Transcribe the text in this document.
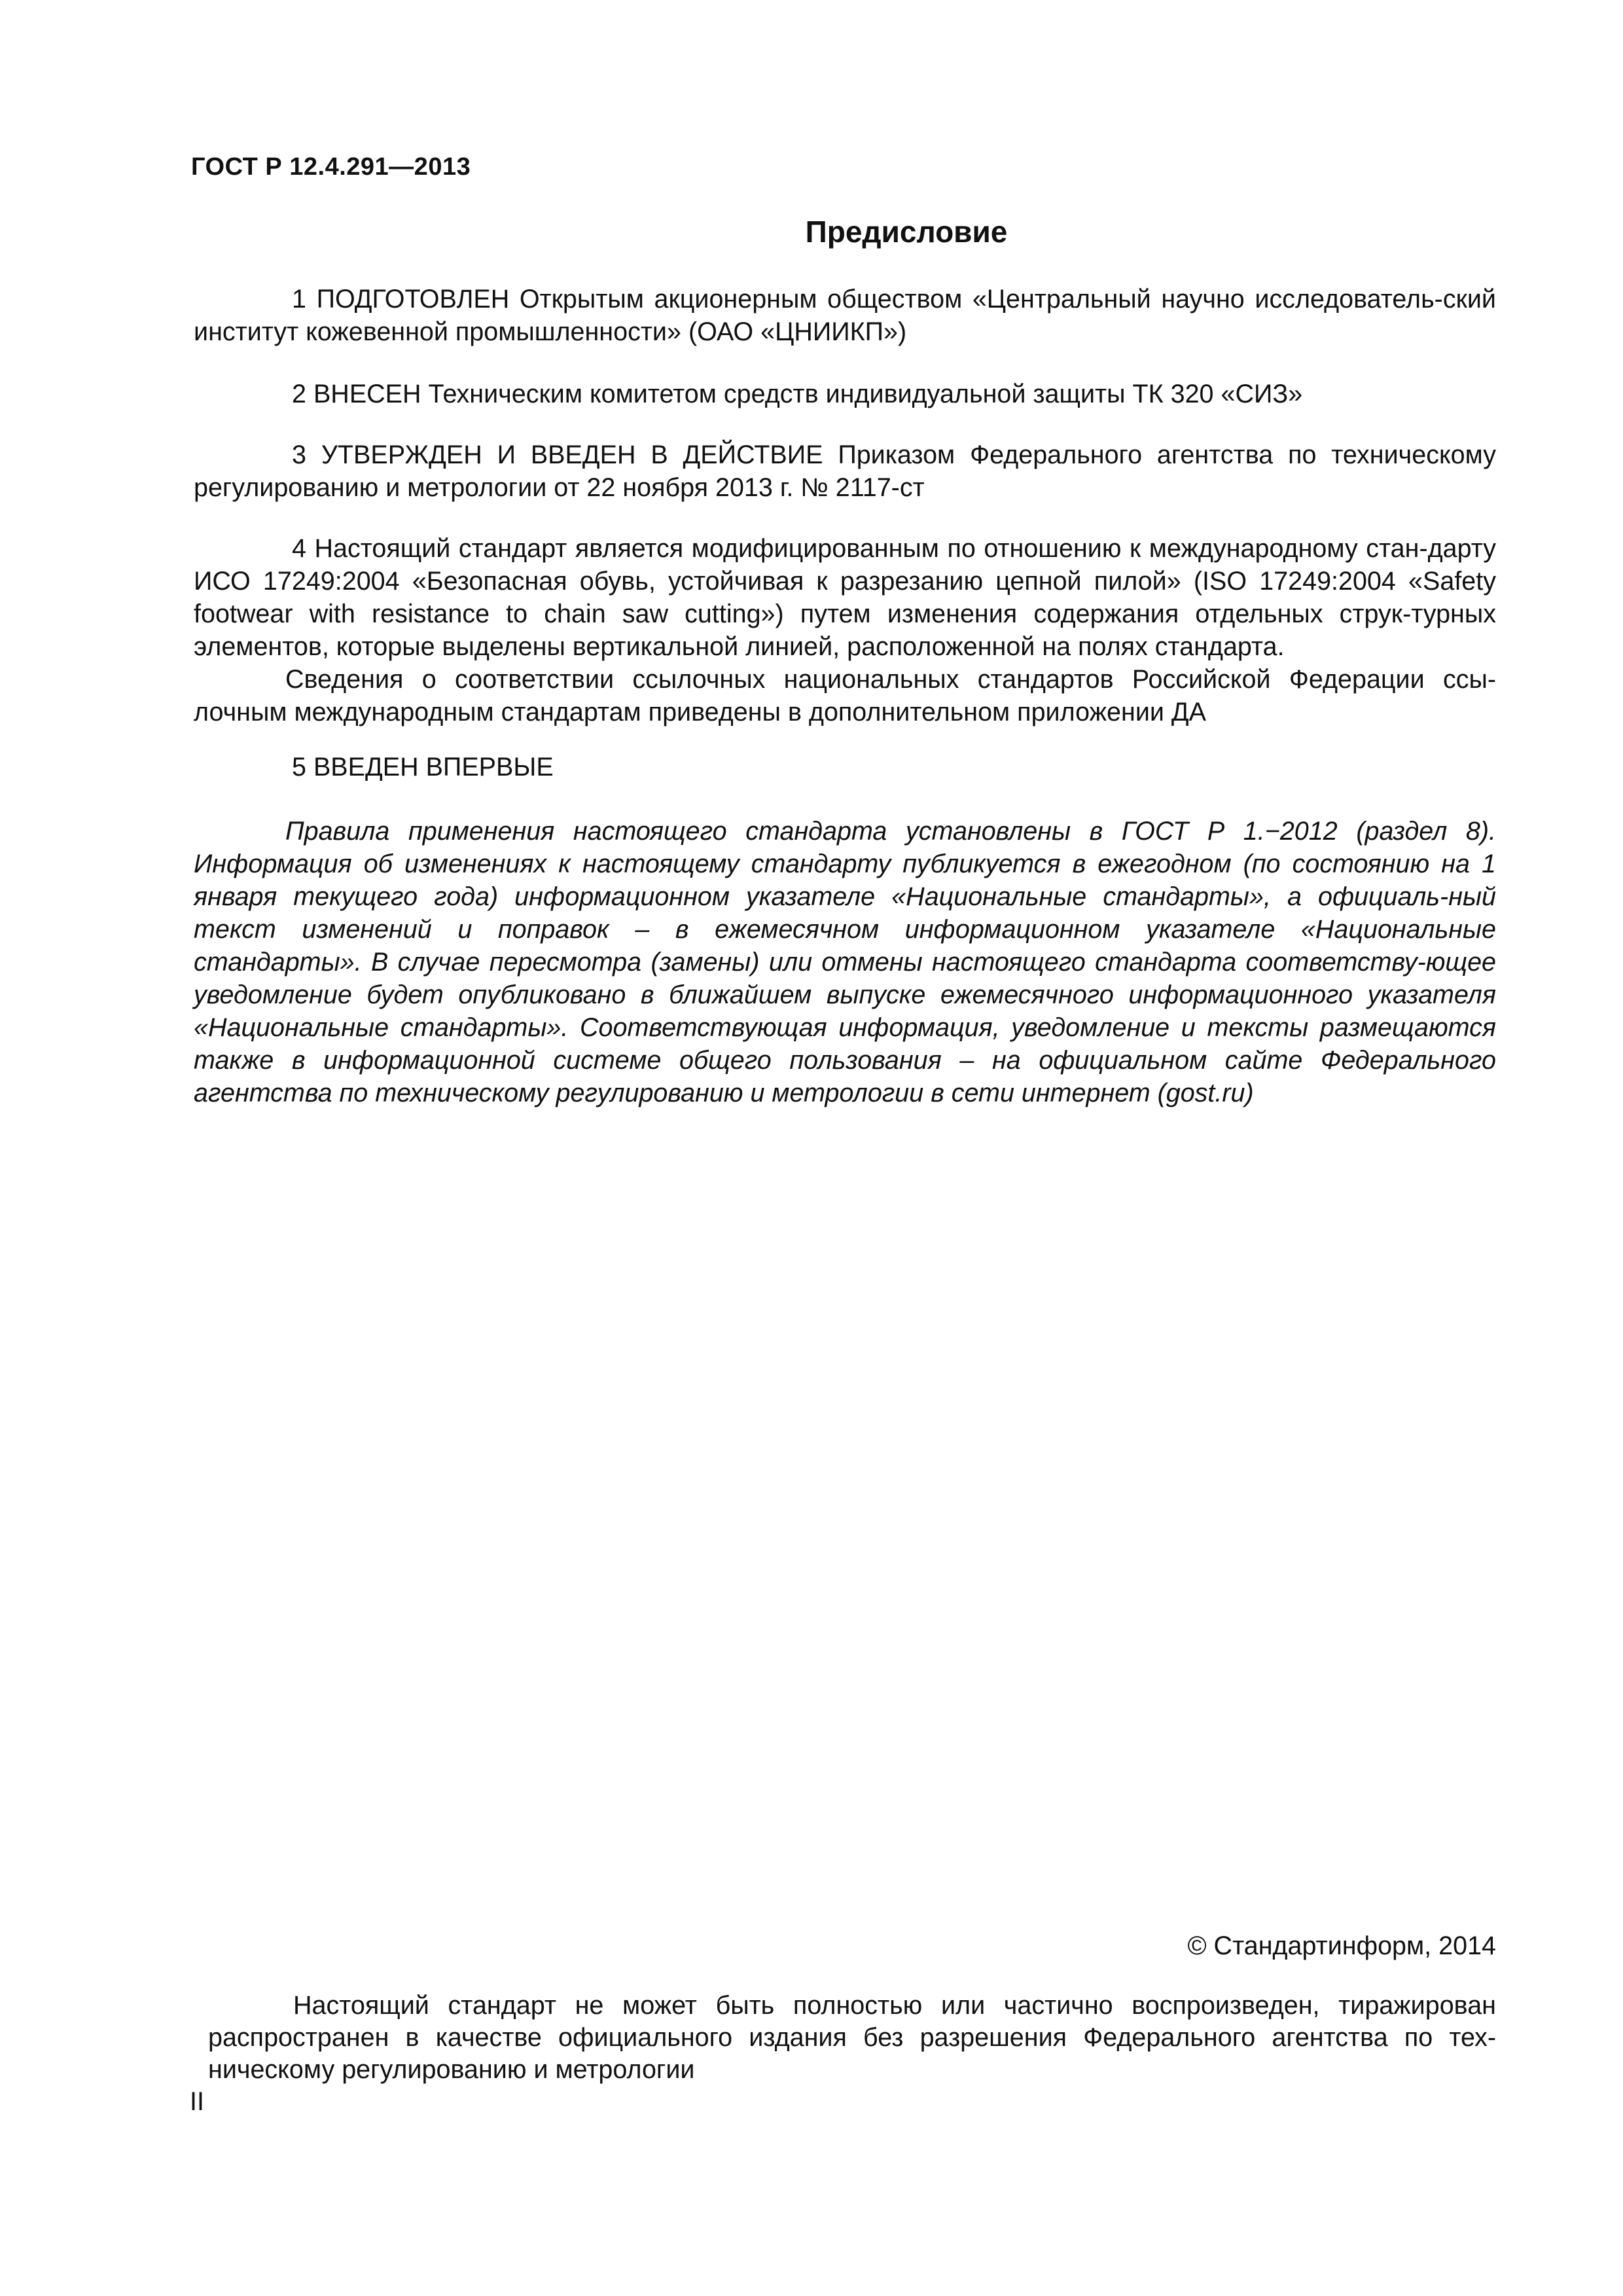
ГОСТ Р 12.4.291—2013
Предисловие

1 ПОДГОТОВЛЕН Открытым акционерным обществом «Центральный научно исследователь-ский институт кожевенной промышленности» (ОАО «ЦНИИКП»)

2 ВНЕСЕН Техническим комитетом средств индивидуальной защиты ТК 320 «СИЗ»

3 УТВЕРЖДЕН И ВВЕДЕН В ДЕЙСТВИЕ Приказом Федерального агентства по техническому регулированию и метрологии от 22 ноября 2013 г. № 2117-ст

4 Настоящий стандарт является модифицированным по отношению к международному стан-дарту ИСО 17249:2004 «Безопасная обувь, устойчивая к разрезанию цепной пилой» (ISO 17249:2004 «Safety footwear with resistance to chain saw cutting») путем изменения содержания отдельных струк-турных элементов, которые выделены вертикальной линией, расположенной на полях стандарта.

Сведения о соответствии ссылочных национальных стандартов Российской Федерации ссы-лочным международным стандартам приведены в дополнительном приложении ДА

5 ВВЕДЕН ВПЕРВЫЕ

Правила применения настоящего стандарта установлены в ГОСТ Р 1.−2012 (раздел 8). Информация об изменениях к настоящему стандарту публикуется в ежегодном (по состоянию на 1 января текущего года) информационном указателе «Национальные стандарты», а официаль-ный текст изменений и поправок – в ежемесячном информационном указателе «Национальные стандарты». В случае пересмотра (замены) или отмены настоящего стандарта соответству-ющее уведомление будет опубликовано в ближайшем выпуске ежемесячного информационного указателя «Национальные стандарты». Соответствующая информация, уведомление и тексты размещаются также в информационной системе общего пользования – на официальном сайте Федерального агентства по техническому регулированию и метрологии в сети интернет (gost.ru)

© Стандартинформ, 2014

Настоящий стандарт не может быть полностью или частично воспроизведен, тиражирован распространен в качестве официального издания без разрешения Федерального агентства по тех-ническому регулированию и метрологии

II
